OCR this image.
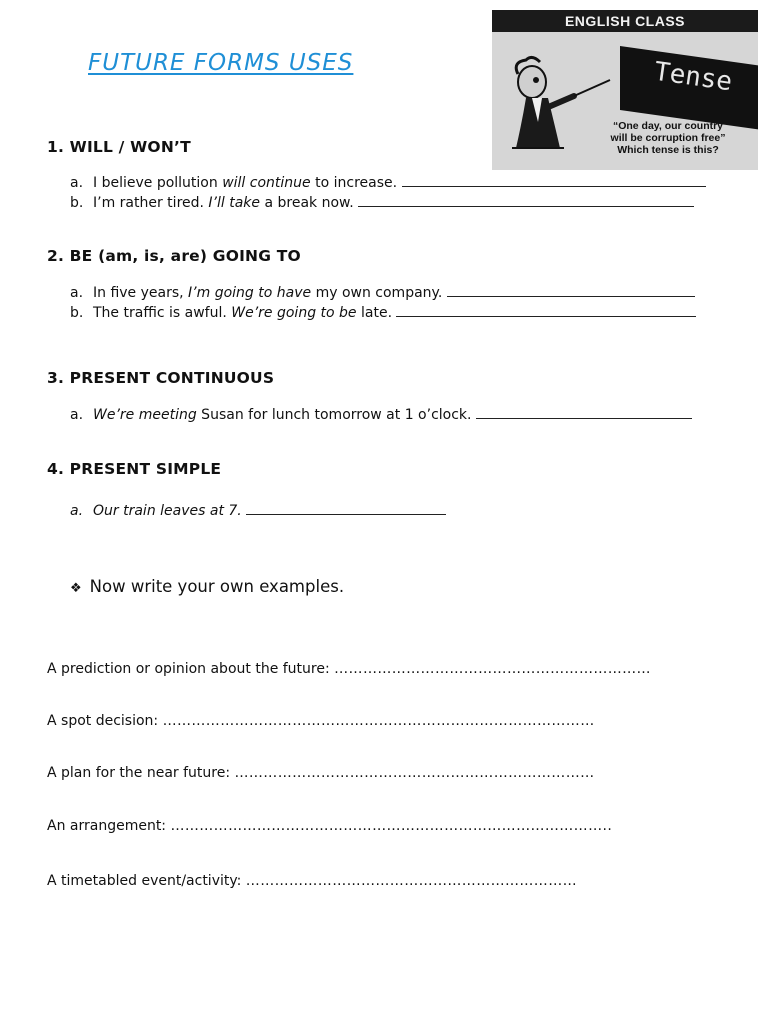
FUTURE FORMS USES
ENGLISH CLASS
Tense
“One day, our country
will be corruption free”
Which tense is this?
1. WILL / WON’T
a. I believe pollution will continue to increase.
b. I’m rather tired. I’ll take a break now.
2. BE (am, is, are) GOING TO
a. In five years, I’m going to have my own company.
b. The traffic is awful. We’re going to be late.
3. PRESENT CONTINUOUS
a. We’re meeting Susan for lunch tomorrow at 1 o’clock.
4. PRESENT SIMPLE
a. Our train leaves at 7.
❖ Now write your own examples.
A prediction or opinion about the future: …………………………………………………………
A spot decision: ………………………………………………………………………………
A plan for the near future: …………………………………………………………………
An arrangement: ………………………………………………………………………………..
A timetabled event/activity: ……………………………………………………………
